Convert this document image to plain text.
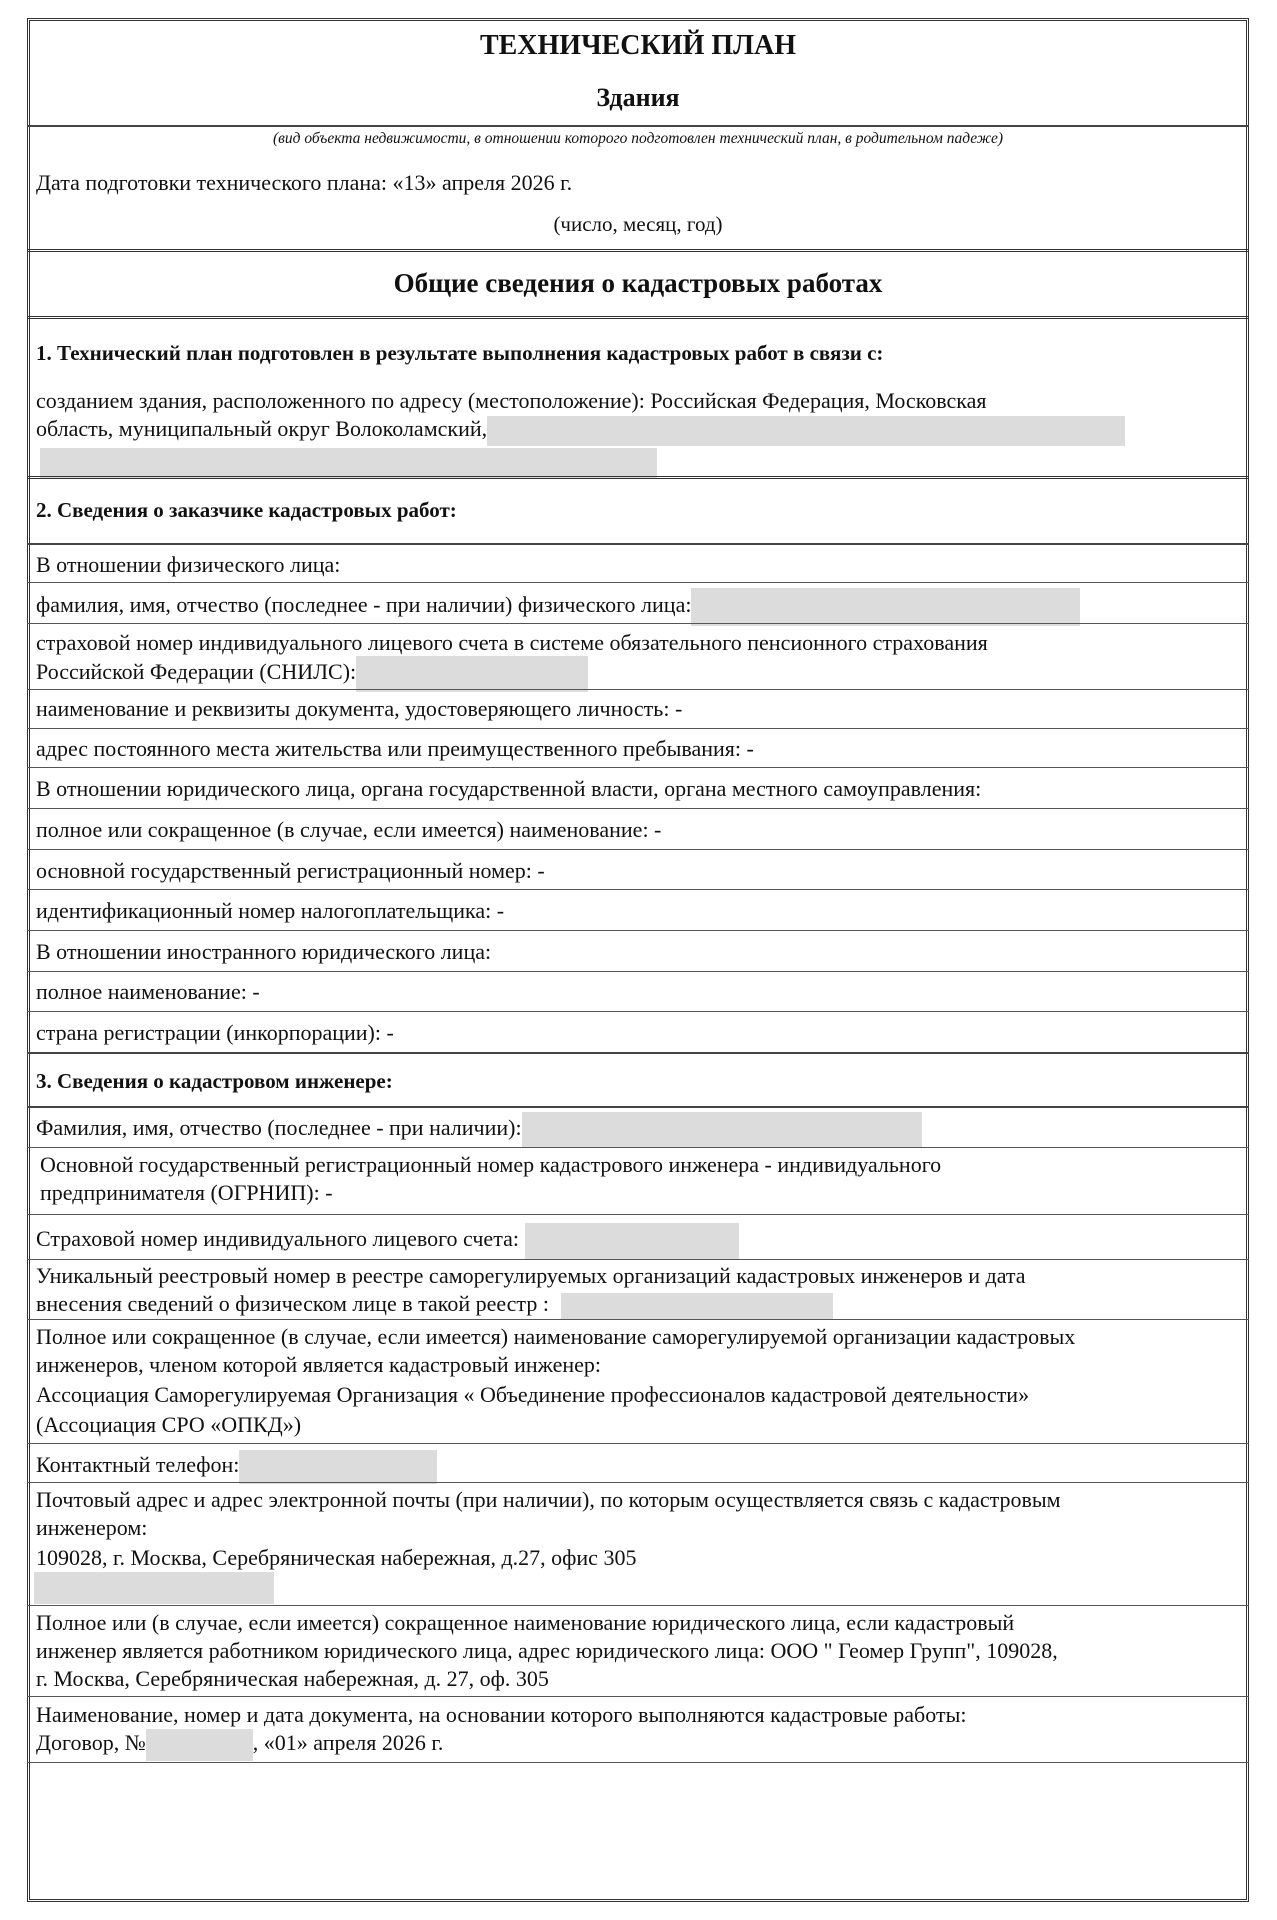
ТЕХНИЧЕСКИЙ ПЛАН
Здания
(вид объекта недвижимости, в отношении которого подготовлен технический план, в родительном падеже)
Дата подготовки технического плана: «13» апреля 2026 г.
(число, месяц, год)
Общие сведения о кадастровых работах
1. Технический план подготовлен в результате выполнения кадастровых работ в связи с:
созданием здания, расположенного по адресу (местоположение): Российская Федерация, Московская
область, муниципальный округ Волоколамский,
2. Сведения о заказчике кадастровых работ:
В отношении физического лица:
фамилия, имя, отчество (последнее - при наличии) физического лица:
страховой номер индивидуального лицевого счета в системе обязательного пенсионного страхования
Российской Федерации (СНИЛС):
наименование и реквизиты документа, удостоверяющего личность: -
адрес постоянного места жительства или преимущественного пребывания: -
В отношении юридического лица, органа государственной власти, органа местного самоуправления:
полное или сокращенное (в случае, если имеется) наименование: -
основной государственный регистрационный номер: -
идентификационный номер налогоплательщика: -
В отношении иностранного юридического лица:
полное наименование: -
страна регистрации (инкорпорации): -
3. Сведения о кадастровом инженере:
Фамилия, имя, отчество (последнее - при наличии):
Основной государственный регистрационный номер кадастрового инженера - индивидуального
предпринимателя (ОГРНИП): -
Страховой номер индивидуального лицевого счета:
Уникальный реестровый номер в реестре саморегулируемых организаций кадастровых инженеров и дата
внесения сведений о физическом лице в такой реестр :
Полное или сокращенное (в случае, если имеется) наименование саморегулируемой организации кадастровых
инженеров, членом которой является кадастровый инженер:
Ассоциация Саморегулируемая Организация « Объединение профессионалов кадастровой деятельности»
(Ассоциация СРО «ОПКД»)
Контактный телефон:
Почтовый адрес и адрес электронной почты (при наличии), по которым осуществляется связь с кадастровым
инженером:
109028, г. Москва, Серебряническая набережная, д.27, офис 305
Полное или (в случае, если имеется) сокращенное наименование юридического лица, если кадастровый
инженер является работником юридического лица, адрес юридического лица: ООО " Геомер Групп", 109028,
г. Москва, Серебряническая набережная, д. 27, оф. 305
Наименование, номер и дата документа, на основании которого выполняются кадастровые работы:
Договор, №	, «01» апреля 2026 г.
